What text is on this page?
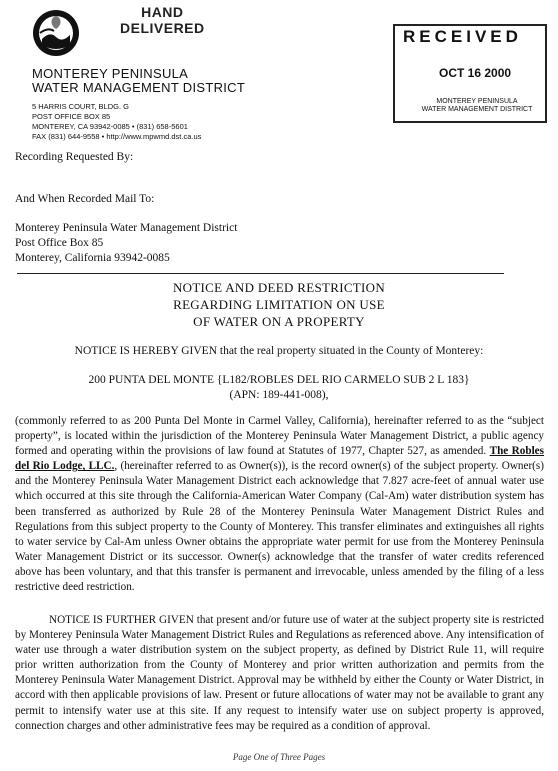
HAND
DELIVERED
MONTEREY PENINSULA
WATER MANAGEMENT DISTRICT
5 HARRIS COURT, BLDG. G
POST OFFICE BOX 85
MONTEREY, CA 93942-0085 • (831) 658-5601
FAX (831) 644-9558 • http://www.mpwmd.dst.ca.us
RECEIVED
OCT 16 2000
MONTEREY PENINSULA
WATER MANAGEMENT DISTRICT
Recording Requested By:
And When Recorded Mail To:
Monterey Peninsula Water Management District
Post Office Box 85
Monterey, California 93942-0085
NOTICE AND DEED RESTRICTION
REGARDING LIMITATION ON USE
OF WATER ON A PROPERTY
NOTICE IS HEREBY GIVEN that the real property situated in the County of Monterey:
200 PUNTA DEL MONTE {L182/ROBLES DEL RIO CARMELO SUB 2 L 183}
(APN: 189-441-008),
(commonly referred to as 200 Punta Del Monte in Carmel Valley, California), hereinafter referred to as the “subject property”, is located within the jurisdiction of the Monterey Peninsula Water Management District, a public agency formed and operating within the provisions of law found at Statutes of 1977, Chapter 527, as amended. The Robles del Rio Lodge, LLC., (hereinafter referred to as Owner(s)), is the record owner(s) of the subject property. Owner(s) and the Monterey Peninsula Water Management District each acknowledge that 7.827 acre-feet of annual water use which occurred at this site through the California-American Water Company (Cal-Am) water distribution system has been transferred as authorized by Rule 28 of the Monterey Peninsula Water Management District Rules and Regulations from this subject property to the County of Monterey. This transfer eliminates and extinguishes all rights to water service by Cal-Am unless Owner obtains the appropriate water permit for use from the Monterey Peninsula Water Management District or its successor. Owner(s) acknowledge that the transfer of water credits referenced above has been voluntary, and that this transfer is permanent and irrevocable, unless amended by the filing of a less restrictive deed restriction.
NOTICE IS FURTHER GIVEN that present and/or future use of water at the subject property site is restricted by Monterey Peninsula Water Management District Rules and Regulations as referenced above. Any intensification of water use through a water distribution system on the subject property, as defined by District Rule 11, will require prior written authorization from the County of Monterey and prior written authorization and permits from the Monterey Peninsula Water Management District. Approval may be withheld by either the County or Water District, in accord with then applicable provisions of law. Present or future allocations of water may not be available to grant any permit to intensify water use at this site. If any request to intensify water use on subject property is approved, connection charges and other administrative fees may be required as a condition of approval.
Page One of Three Pages
